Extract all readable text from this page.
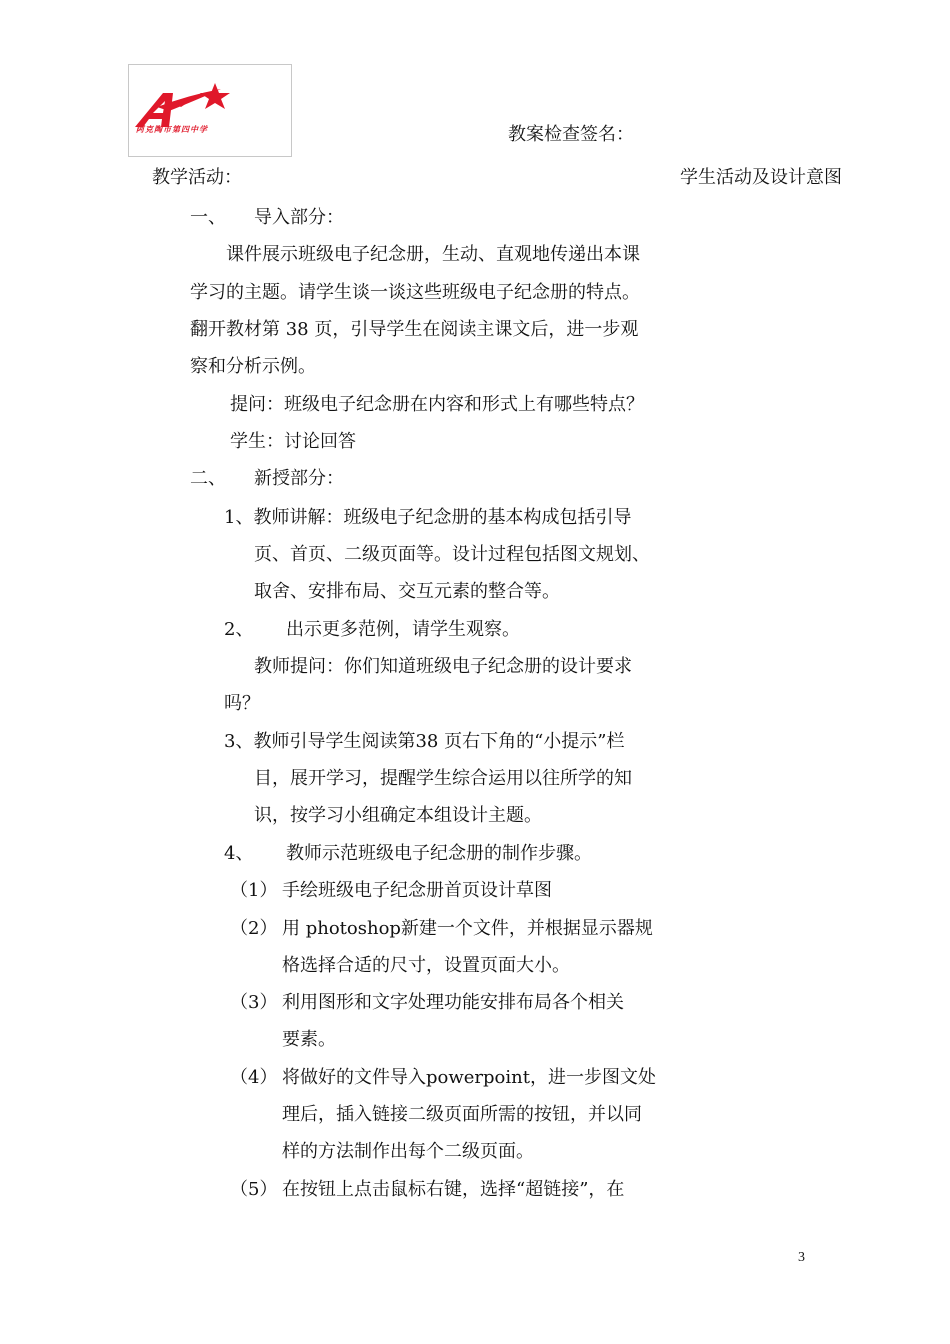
阿克陶市第四中学	教案检查签名：
教学活动：	学生活动及设计意图
一、 导入部分：
课件展示班级电子纪念册，生动、直观地传递出本课
学习的主题。请学生谈一谈这些班级电子纪念册的特点。
翻开教材第 38 页，引导学生在阅读主课文后，进一步观
察和分析示例。
提问：班级电子纪念册在内容和形式上有哪些特点？
学生：讨论回答
二、 新授部分：
1、教师讲解：班级电子纪念册的基本构成包括引导
页、首页、二级页面等。设计过程包括图文规划、
取舍、安排布局、交互元素的整合等。
2、 出示更多范例，请学生观察。
教师提问：你们知道班级电子纪念册的设计要求
吗？
3、教师引导学生阅读第38 页右下角的“小提示”栏
目，展开学习，提醒学生综合运用以往所学的知
识，按学习小组确定本组设计主题。
4、 教师示范班级电子纪念册的制作步骤。
（1） 手绘班级电子纪念册首页设计草图
（2） 用 photoshop新建一个文件，并根据显示器规
格选择合适的尺寸，设置页面大小。
（3） 利用图形和文字处理功能安排布局各个相关
要素。
（4） 将做好的文件导入powerpoint，进一步图文处
理后，插入链接二级页面所需的按钮，并以同
样的方法制作出每个二级页面。
（5） 在按钮上点击鼠标右键，选择“超链接”，在
3
